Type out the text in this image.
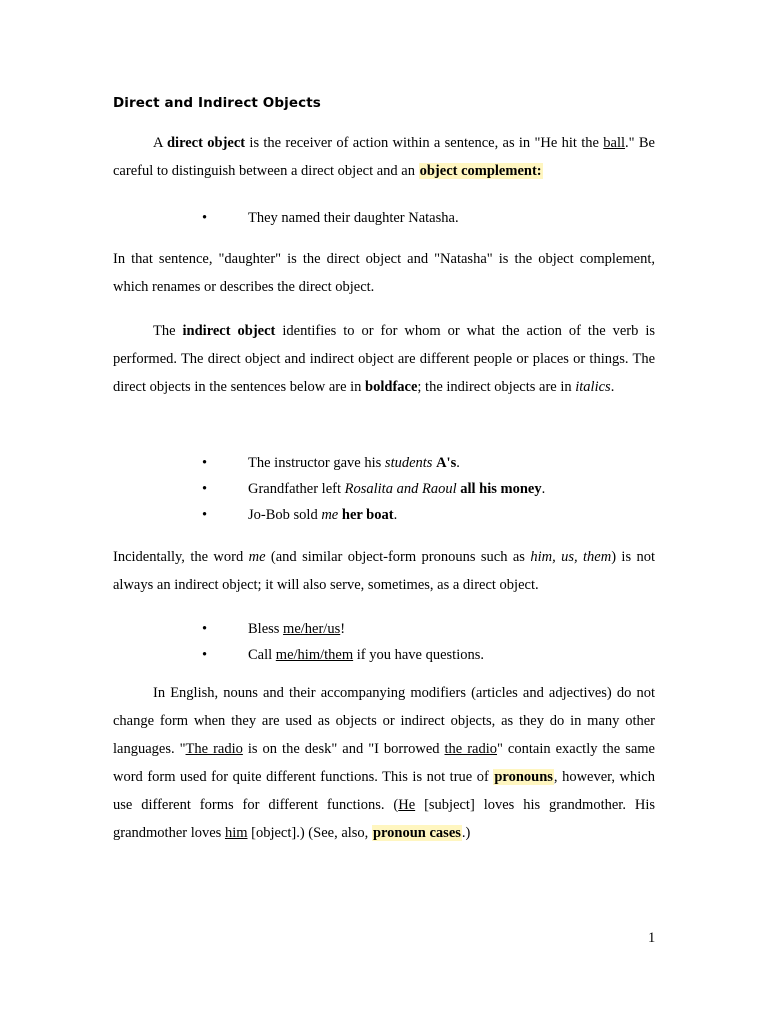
Direct and Indirect Objects

A direct object is the receiver of action within a sentence, as in "He hit the ball." Be careful to distinguish between a direct object and an object complement:

•	They named their daughter Natasha.

In that sentence, "daughter" is the direct object and "Natasha" is the object complement, which renames or describes the direct object.

The indirect object identifies to or for whom or what the action of the verb is performed. The direct object and indirect object are different people or places or things. The direct objects in the sentences below are in boldface; the indirect objects are in italics.

•	The instructor gave his students A's.
•	Grandfather left Rosalita and Raoul all his money.
•	Jo-Bob sold me her boat.

Incidentally, the word me (and similar object-form pronouns such as him, us, them) is not always an indirect object; it will also serve, sometimes, as a direct object.

•	Bless me/her/us!
•	Call me/him/them if you have questions.

In English, nouns and their accompanying modifiers (articles and adjectives) do not change form when they are used as objects or indirect objects, as they do in many other languages. "The radio is on the desk" and "I borrowed the radio" contain exactly the same word form used for quite different functions. This is not true of pronouns, however, which use different forms for different functions. (He [subject] loves his grandmother. His grandmother loves him [object].) (See, also, pronoun cases.)

1
